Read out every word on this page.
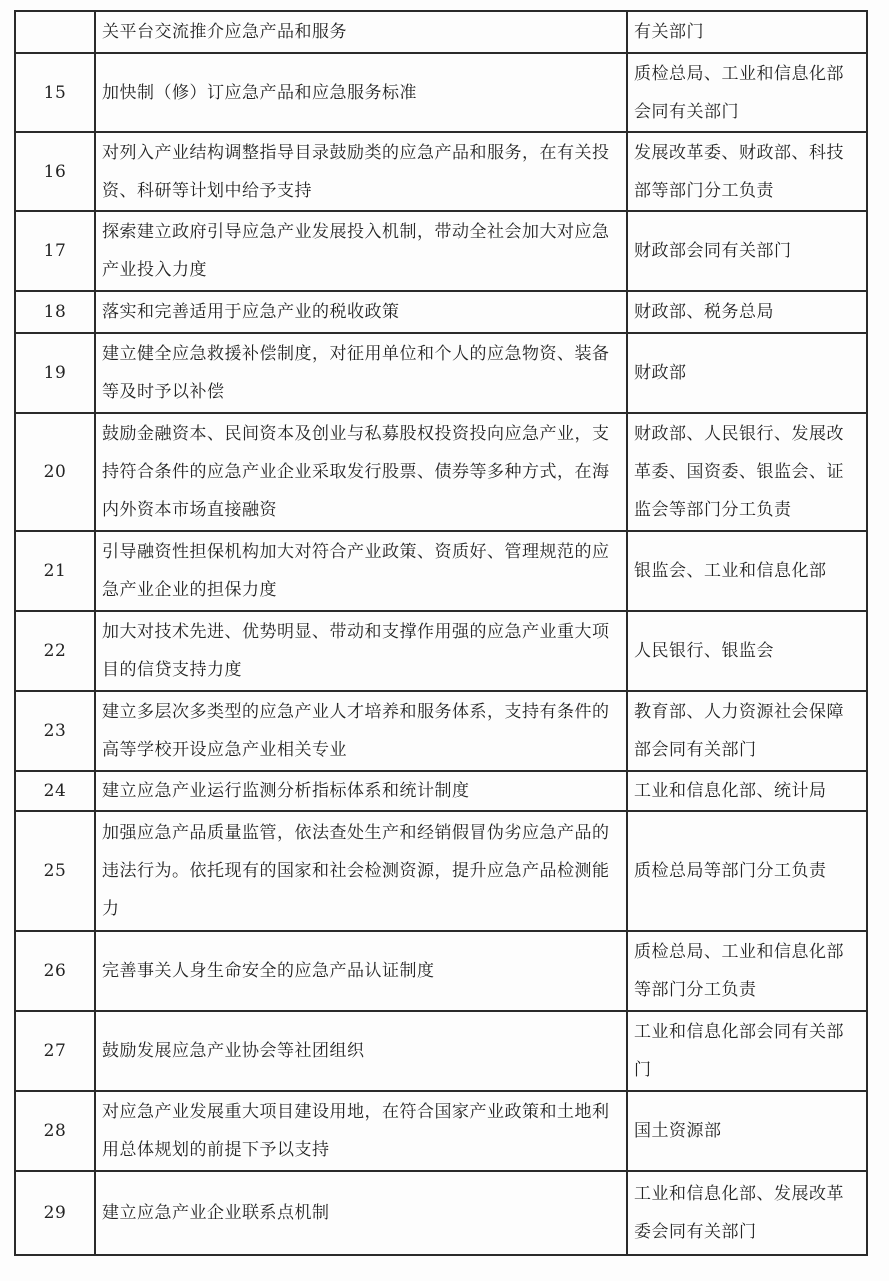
	关平台交流推介应急产品和服务	有关部门

15	加快制（修）订应急产品和应急服务标准	质检总局、工业和信息化部会同有关部门

16	对列入产业结构调整指导目录鼓励类的应急产品和服务，在有关投资、科研等计划中给予支持	发展改革委、财政部、科技部等部门分工负责

17	探索建立政府引导应急产业发展投入机制，带动全社会加大对应急产业投入力度	财政部会同有关部门

18	落实和完善适用于应急产业的税收政策	财政部、税务总局

19	建立健全应急救援补偿制度，对征用单位和个人的应急物资、装备等及时予以补偿	财政部

20	鼓励金融资本、民间资本及创业与私募股权投资投向应急产业，支持符合条件的应急产业企业采取发行股票、债券等多种方式，在海内外资本市场直接融资	财政部、人民银行、发展改革委、国资委、银监会、证监会等部门分工负责

21	引导融资性担保机构加大对符合产业政策、资质好、管理规范的应急产业企业的担保力度	银监会、工业和信息化部

22	加大对技术先进、优势明显、带动和支撑作用强的应急产业重大项目的信贷支持力度	人民银行、银监会

23	建立多层次多类型的应急产业人才培养和服务体系，支持有条件的高等学校开设应急产业相关专业	教育部、人力资源社会保障部会同有关部门

24	建立应急产业运行监测分析指标体系和统计制度	工业和信息化部、统计局

25	加强应急产品质量监管，依法查处生产和经销假冒伪劣应急产品的违法行为。依托现有的国家和社会检测资源，提升应急产品检测能力	质检总局等部门分工负责

26	完善事关人身生命安全的应急产品认证制度	质检总局、工业和信息化部等部门分工负责

27	鼓励发展应急产业协会等社团组织	工业和信息化部会同有关部门

28	对应急产业发展重大项目建设用地，在符合国家产业政策和土地利用总体规划的前提下予以支持	国土资源部

29	建立应急产业企业联系点机制	工业和信息化部、发展改革委会同有关部门
